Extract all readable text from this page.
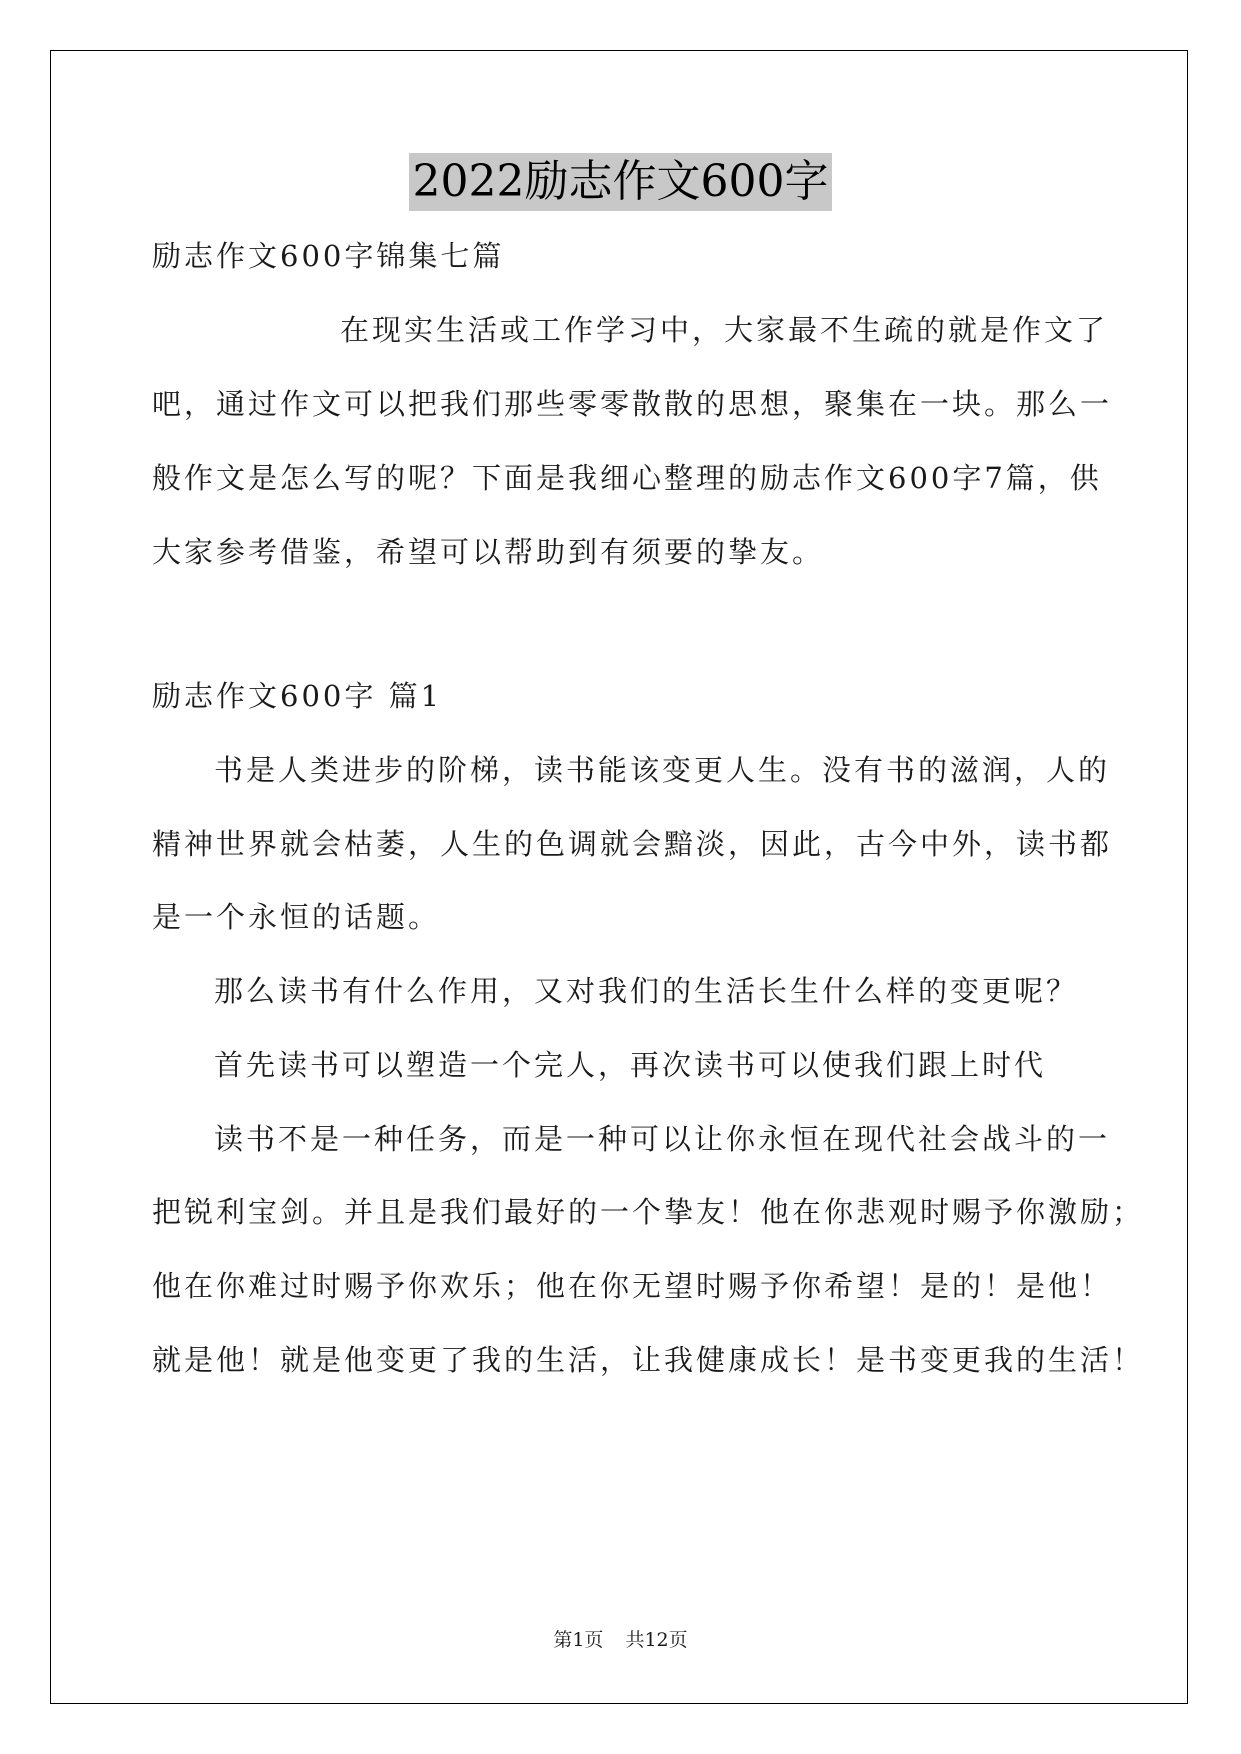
2022励志作文600字
励志作文600字锦集七篇
在现实生活或工作学习中，大家最不生疏的就是作文了
吧，通过作文可以把我们那些零零散散的思想，聚集在一块。那么一
般作文是怎么写的呢？下面是我细心整理的励志作文600字7篇，供
大家参考借鉴，希望可以帮助到有须要的挚友。
励志作文600字 篇1
书是人类进步的阶梯，读书能该变更人生。没有书的滋润，人的
精神世界就会枯萎，人生的色调就会黯淡，因此，古今中外，读书都
是一个永恒的话题。
那么读书有什么作用，又对我们的生活长生什么样的变更呢？
首先读书可以塑造一个完人，再次读书可以使我们跟上时代
读书不是一种任务，而是一种可以让你永恒在现代社会战斗的一
把锐利宝剑。并且是我们最好的一个挚友！他在你悲观时赐予你激励；
他在你难过时赐予你欢乐；他在你无望时赐予你希望！是的！是他！
就是他！就是他变更了我的生活，让我健康成长！是书变更我的生活！
第1页 共12页
